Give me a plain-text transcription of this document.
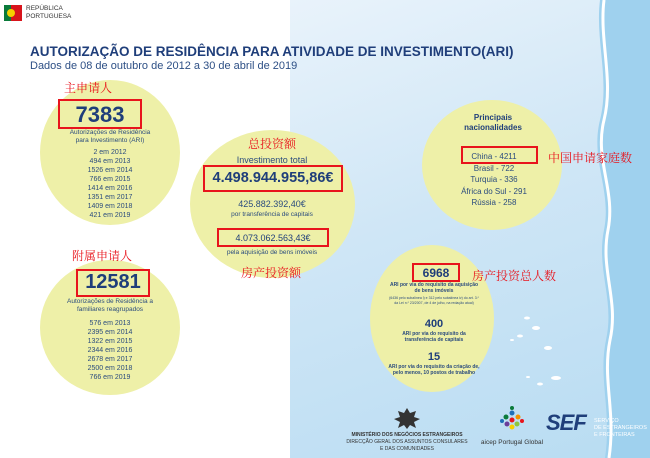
REPÚBLICA

PORTUGUESA

AUTORIZAÇÃO DE RESIDÊNCIA PARA ATIVIDADE DE INVESTIMENTO(ARI)

Dados de 08 de outubro de 2012 a 30 de abril de 2019

主申请人

7383

Autorizações de Residência para Investimento (ARI)
2 em 2012
494 em 2013
1526 em 2014
766 em 2015
1414 em 2016
1351 em 2017
1409 em 2018
421 em 2019

附属申请人

12581

Autorizações de Residência a familiares reagrupados
576 em 2013
2395 em 2014
1322 em 2015
2344 em 2016
2678 em 2017
2500 em 2018
766 em 2019

总投资额

Investimento total

4.498.944.955,86€

425.882.392,40€

por transferência de capitais

4.073.062.563,43€

pela aquisição de bens imóveis

房产投资额

Principais

nacionalidades

China - 4211
Brasil - 722
Turquia - 336
África do Sul - 291
Rússia - 258

中国申请家庭数

6968 房产投资总人数

ARI por via do requisito da aquisição de bens imóveis
(6436 pelo subalínea i) e 312 pelo subalínea iv) do art. 3.º da Lei n.º 23/2007, de 4 de julho, na redação atual)

400

ARI por via do requisito da transferência de capitais

15

ARI por via do requisito da criação de, pelo menos, 10 postos de trabalho

MINISTÉRIO DOS NEGÓCIOS ESTRANGEIROS

DIRECÇÃO GERAL DOS ASSUNTOS CONSULARES

E DAS COMUNIDADES

aicep Portugal Global

SEF SERVIÇO

DE ESTRANGEIROS

E FRONTEIRAS
